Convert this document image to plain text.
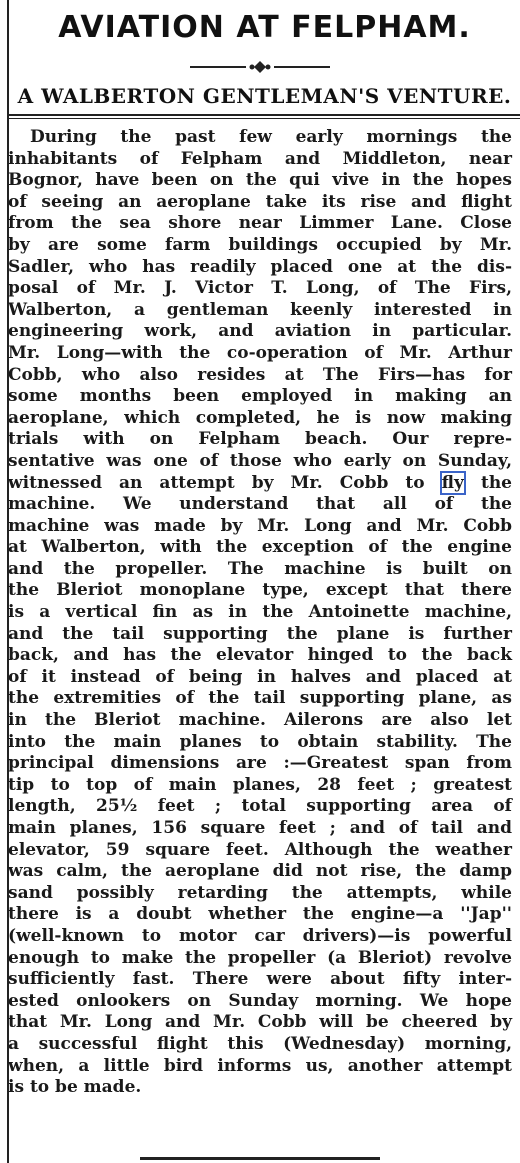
AVIATION AT FELPHAM.
A WALBERTON GENTLEMAN'S VENTURE.
During the past few early mornings the
inhabitants of Felpham and Middleton, near
Bognor, have been on the qui vive in the hopes
of seeing an aeroplane take its rise and flight
from the sea shore near Limmer Lane. Close
by are some farm buildings occupied by Mr.
Sadler, who has readily placed one at the dis-
posal of Mr. J. Victor T. Long, of The Firs,
Walberton, a gentleman keenly interested in
engineering work, and aviation in particular.
Mr. Long—with the co-operation of Mr. Arthur
Cobb, who also resides at The Firs—has for
some months been employed in making an
aeroplane, which completed, he is now making
trials with on Felpham beach. Our repre-
sentative was one of those who early on Sunday,
witnessed an attempt by Mr. Cobb to fly the
machine. We understand that all of the
machine was made by Mr. Long and Mr. Cobb
at Walberton, with the exception of the engine
and the propeller. The machine is built on
the Bleriot monoplane type, except that there
is a vertical fin as in the Antoinette machine,
and the tail supporting the plane is further
back, and has the elevator hinged to the back
of it instead of being in halves and placed at
the extremities of the tail supporting plane, as
in the Bleriot machine. Ailerons are also let
into the main planes to obtain stability. The
principal dimensions are :—Greatest span from
tip to top of main planes, 28 feet ; greatest
length, 25½ feet ; total supporting area of
main planes, 156 square feet ; and of tail and
elevator, 59 square feet. Although the weather
was calm, the aeroplane did not rise, the damp
sand possibly retarding the attempts, while
there is a doubt whether the engine—a ''Jap''
(well-known to motor car drivers)—is powerful
enough to make the propeller (a Bleriot) revolve
sufficiently fast. There were about fifty inter-
ested onlookers on Sunday morning. We hope
that Mr. Long and Mr. Cobb will be cheered by
a successful flight this (Wednesday) morning,
when, a little bird informs us, another attempt
is to be made.
